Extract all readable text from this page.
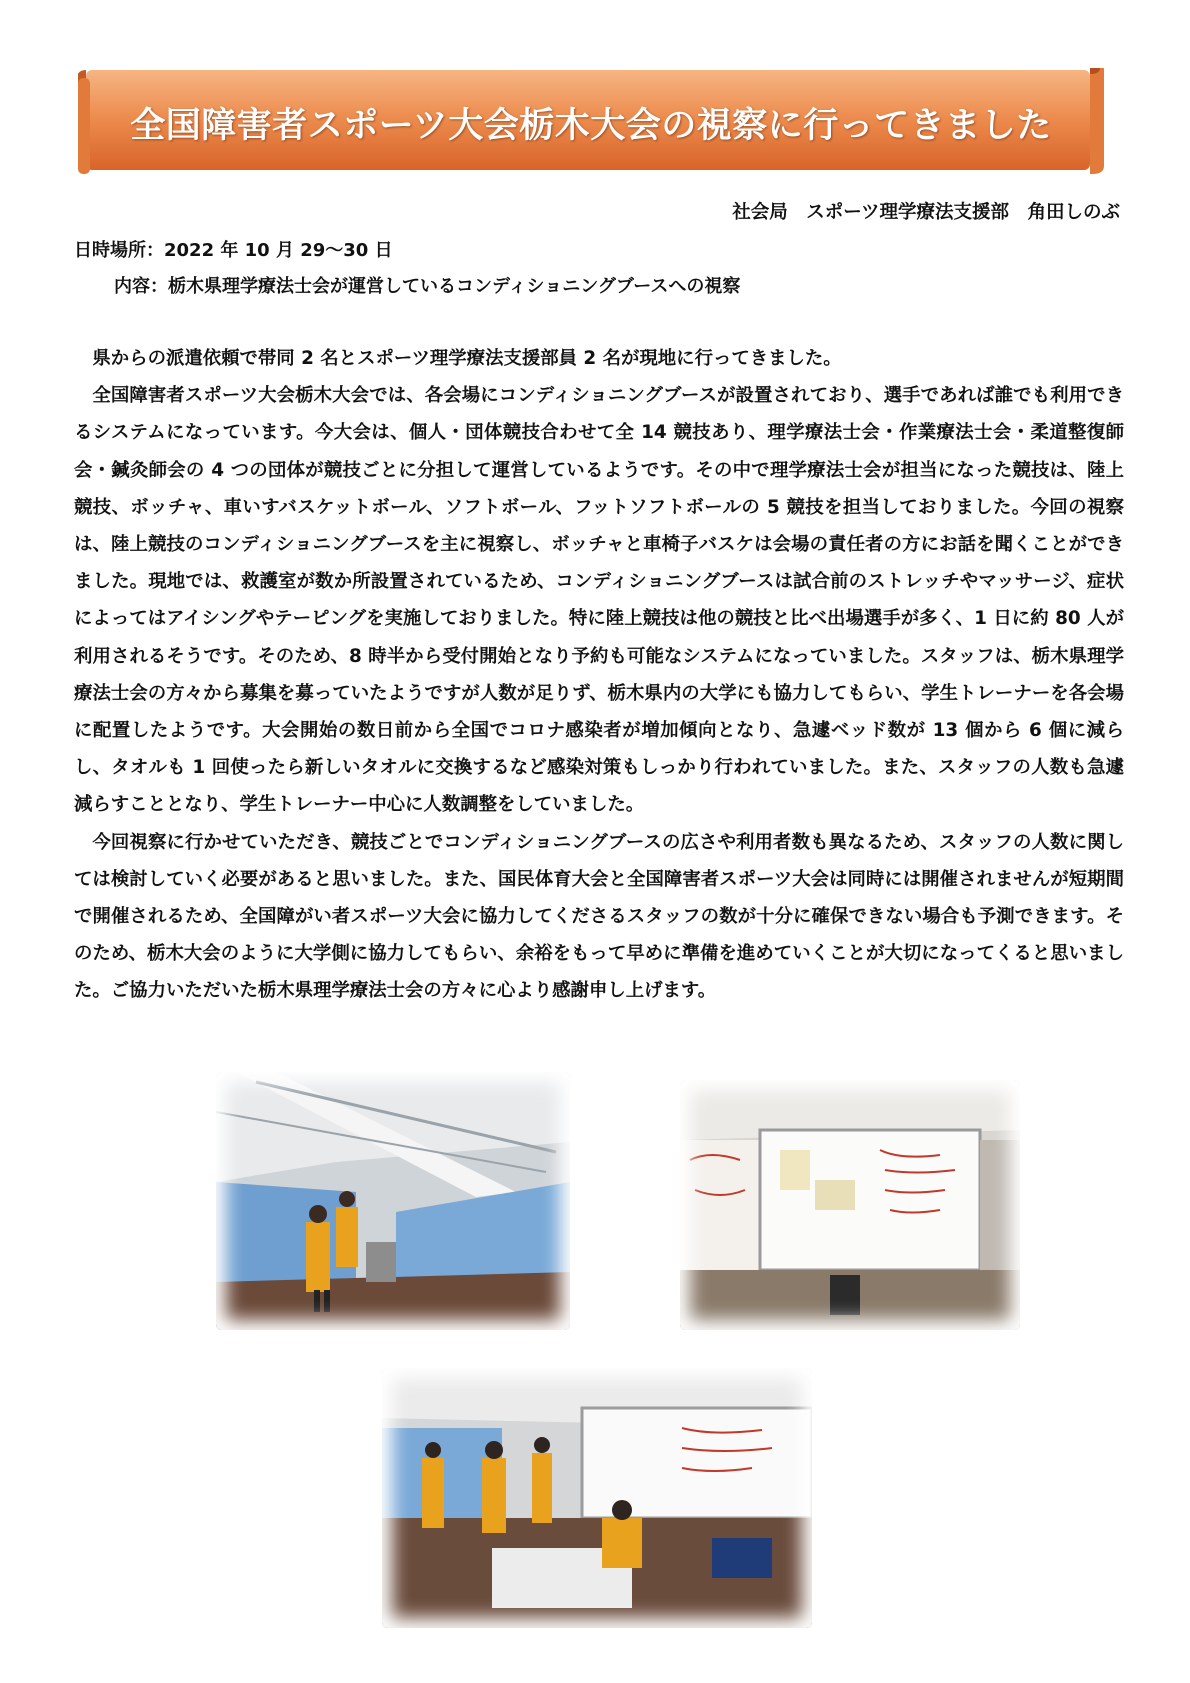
全国障害者スポーツ大会栃木大会の視察に行ってきました
社会局　スポーツ理学療法支援部　角田しのぶ
日時場所：2022 年 10 月 29～30 日
内容：栃木県理学療法士会が運営しているコンディショニングブースへの視察

県からの派遣依頼で帯同 2 名とスポーツ理学療法支援部員 2 名が現地に行ってきました。

全国障害者スポーツ大会栃木大会では、各会場にコンディショニングブースが設置されており、選手であれば誰でも利用できるシステムになっています。今大会は、個人・団体競技合わせて全 14 競技あり、理学療法士会・作業療法士会・柔道整復師会・鍼灸師会の 4 つの団体が競技ごとに分担して運営しているようです。その中で理学療法士会が担当になった競技は、陸上競技、ボッチャ、車いすバスケットボール、ソフトボール、フットソフトボールの 5 競技を担当しておりました。今回の視察は、陸上競技のコンディショニングブースを主に視察し、ボッチャと車椅子バスケは会場の責任者の方にお話を聞くことができました。現地では、救護室が数か所設置されているため、コンディショニングブースは試合前のストレッチやマッサージ、症状によってはアイシングやテーピングを実施しておりました。特に陸上競技は他の競技と比べ出場選手が多く、1 日に約 80 人が利用されるそうです。そのため、8 時半から受付開始となり予約も可能なシステムになっていました。スタッフは、栃木県理学療法士会の方々から募集を募っていたようですが人数が足りず、栃木県内の大学にも協力してもらい、学生トレーナーを各会場に配置したようです。大会開始の数日前から全国でコロナ感染者が増加傾向となり、急遽ベッド数が 13 個から 6 個に減らし、タオルも 1 回使ったら新しいタオルに交換するなど感染対策もしっかり行われていました。また、スタッフの人数も急遽減らすこととなり、学生トレーナー中心に人数調整をしていました。

今回視察に行かせていただき、競技ごとでコンディショニングブースの広さや利用者数も異なるため、スタッフの人数に関しては検討していく必要があると思いました。また、国民体育大会と全国障害者スポーツ大会は同時には開催されませんが短期間で開催されるため、全国障がい者スポーツ大会に協力してくださるスタッフの数が十分に確保できない場合も予測できます。そのため、栃木大会のように大学側に協力してもらい、余裕をもって早めに準備を進めていくことが大切になってくると思いました。ご協力いただいた栃木県理学療法士会の方々に心より感謝申し上げます。
